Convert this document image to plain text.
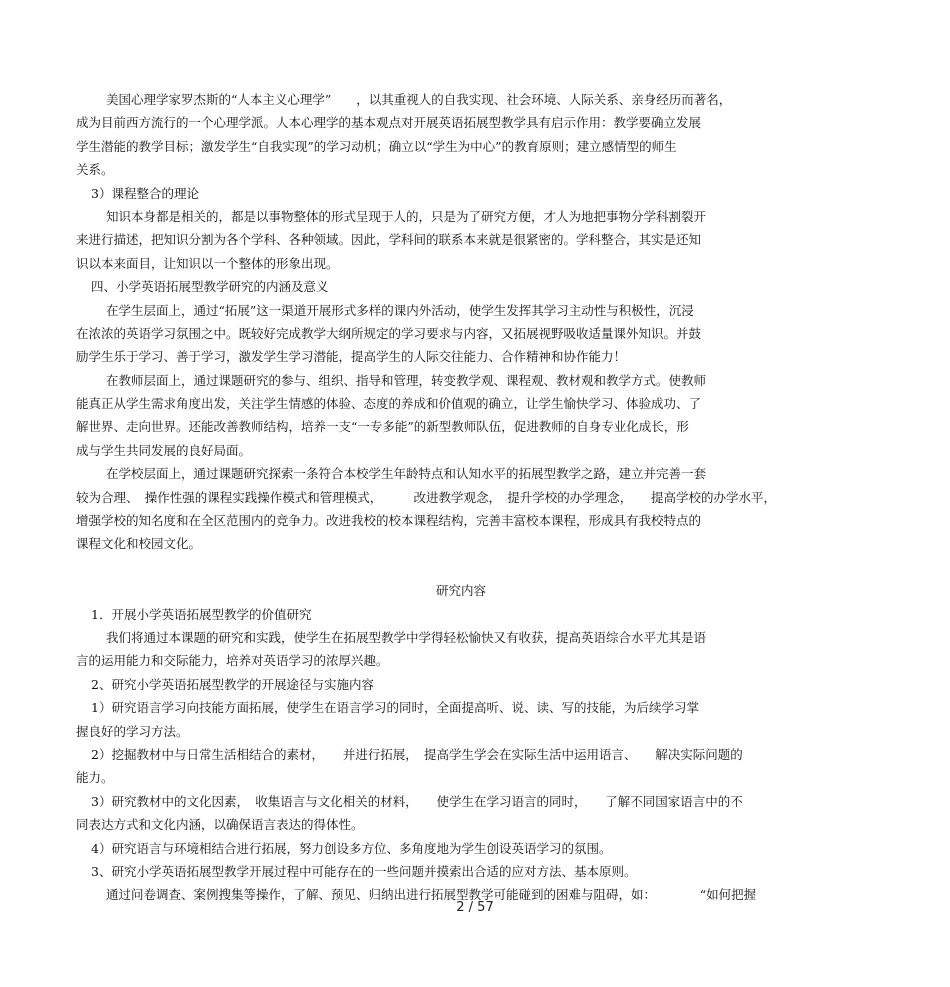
美国心理学家罗杰斯的“人本主义心理学”　　，以其重视人的自我实现、社会环境、人际关系、亲身经历而著名，
成为目前西方流行的一个心理学派。人本心理学的基本观点对开展英语拓展型教学具有启示作用：教学要确立发展
学生潜能的教学目标；激发学生“自我实现”的学习动机；确立以“学生为中心”的教育原则；建立感情型的师生
关系。
3）课程整合的理论
知识本身都是相关的，都是以事物整体的形式呈现于人的，只是为了研究方便，才人为地把事物分学科割裂开
来进行描述，把知识分割为各个学科、各种领域。因此，学科间的联系本来就是很紧密的。学科整合，其实是还知
识以本来面目，让知识以一个整体的形象出现。
四、小学英语拓展型教学研究的内涵及意义
在学生层面上，通过“拓展”这一渠道开展形式多样的课内外活动，使学生发挥其学习主动性与积极性，沉浸
在浓浓的英语学习氛围之中。既较好完成教学大纲所规定的学习要求与内容，又拓展视野吸收适量课外知识。并鼓
励学生乐于学习、善于学习，激发学生学习潜能，提高学生的人际交往能力、合作精神和协作能力！
在教师层面上，通过课题研究的参与、组织、指导和管理，转变教学观、课程观、教材观和教学方式。使教师
能真正从学生需求角度出发，关注学生情感的体验、态度的养成和价值观的确立，让学生愉快学习、体验成功、了
解世界、走向世界。还能改善教师结构，培养一支“一专多能”的新型教师队伍，促进教师的自身专业化成长，形
成与学生共同发展的良好局面。
在学校层面上，通过课题研究探索一条符合本校学生年龄特点和认知水平的拓展型教学之路，建立并完善一套
较为合理、　操作性强的课程实践操作模式和管理模式，　　　改进教学观念，　提升学校的办学理念，　　提高学校的办学水平，
增强学校的知名度和在全区范围内的竞争力。改进我校的校本课程结构，完善丰富校本课程，形成具有我校特点的
课程文化和校园文化。
研究内容
1．开展小学英语拓展型教学的价值研究
我们将通过本课题的研究和实践，使学生在拓展型教学中学得轻松愉快又有收获，提高英语综合水平尤其是语
言的运用能力和交际能力，培养对英语学习的浓厚兴趣。
2、研究小学英语拓展型教学的开展途径与实施内容
1）研究语言学习向技能方面拓展，使学生在语言学习的同时，全面提高听、说、读、写的技能，为后续学习掌
握良好的学习方法。
2）挖掘教材中与日常生活相结合的素材，　　并进行拓展，　提高学生学会在实际生活中运用语言、　　解决实际问题的
能力。
3）研究教材中的文化因素，　收集语言与文化相关的材料，　　使学生在学习语言的同时，　　了解不同国家语言中的不
同表达方式和文化内涵，以确保语言表达的得体性。
4）研究语言与环境相结合进行拓展，努力创设多方位、多角度地为学生创设英语学习的氛围。
3、研究小学英语拓展型教学开展过程中可能存在的一些问题并摸索出合适的应对方法、基本原则。
通过问卷调查、案例搜集等操作，了解、预见、归纳出进行拓展型教学可能碰到的困难与阻碍，如：　　　　“如何把握
2 / 57
